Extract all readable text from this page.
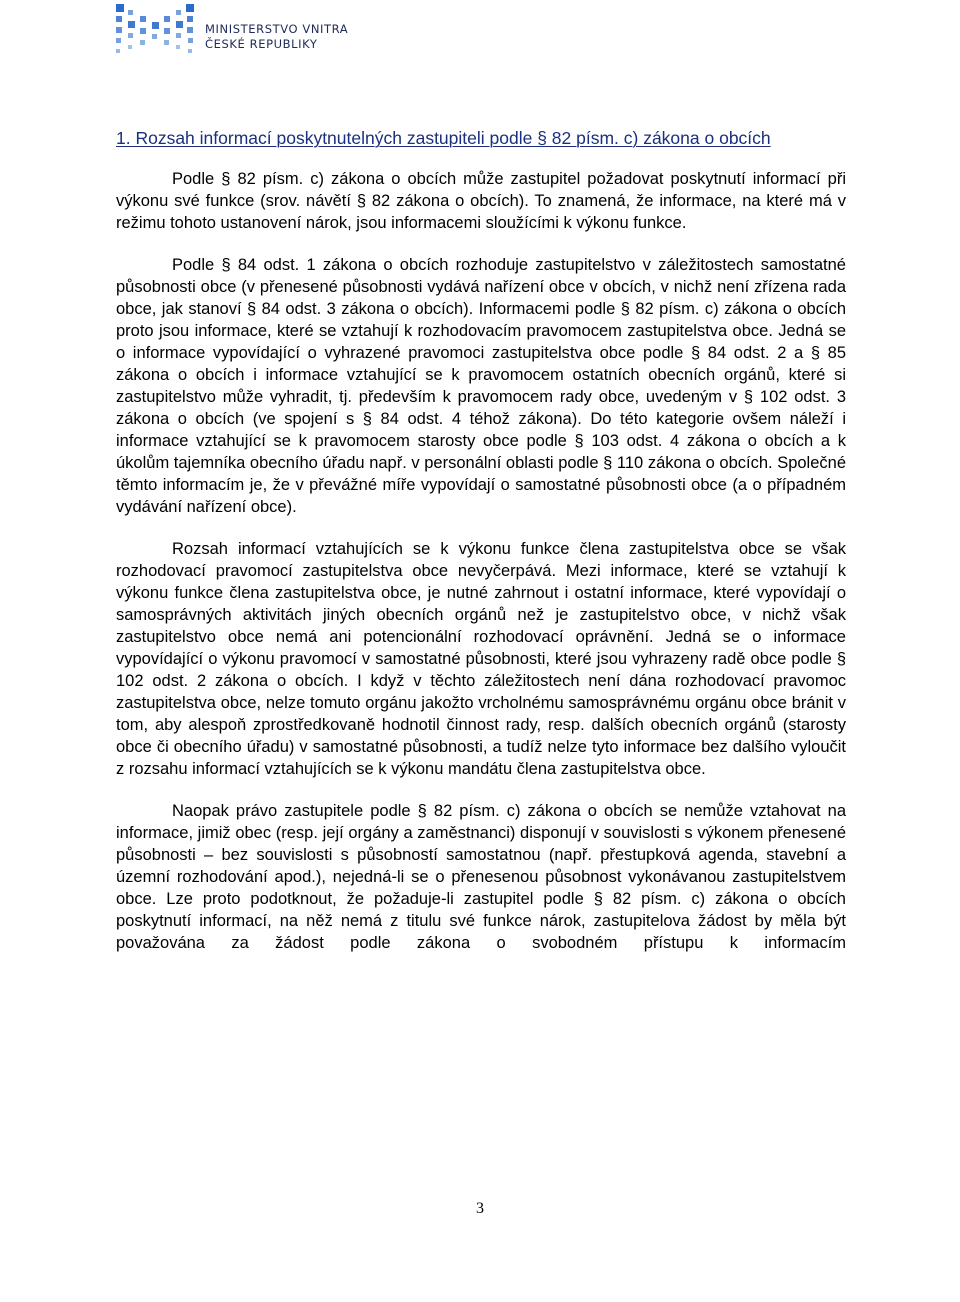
MINISTERSTVO VNITRA
ČESKÉ REPUBLIKY
1. Rozsah informací poskytnutelných zastupiteli podle § 82 písm. c) zákona o obcích

Podle § 82 písm. c) zákona o obcích může zastupitel požadovat poskytnutí informací při výkonu své funkce (srov. návětí § 82 zákona o obcích). To znamená, že informace, na které má v režimu tohoto ustanovení nárok, jsou informacemi sloužícími k výkonu funkce.

Podle § 84 odst. 1 zákona o obcích rozhoduje zastupitelstvo v záležitostech samostatné působnosti obce (v přenesené působnosti vydává nařízení obce v obcích, v nichž není zřízena rada obce, jak stanoví § 84 odst. 3 zákona o obcích). Informacemi podle § 82 písm. c) zákona o obcích proto jsou informace, které se vztahují k rozhodovacím pravomocem zastupitelstva obce. Jedná se o informace vypovídající o vyhrazené pravomoci zastupitelstva obce podle § 84 odst. 2 a § 85 zákona o obcích i informace vztahující se k pravomocem ostatních obecních orgánů, které si zastupitelstvo může vyhradit, tj. především k pravomocem rady obce, uvedeným v § 102 odst. 3 zákona o obcích (ve spojení s § 84 odst. 4 téhož zákona). Do této kategorie ovšem náleží i informace vztahující se k pravomocem starosty obce podle § 103 odst. 4 zákona o obcích a k úkolům tajemníka obecního úřadu např. v personální oblasti podle § 110 zákona o obcích. Společné těmto informacím je, že v převážné míře vypovídají o samostatné působnosti obce (a o případném vydávání nařízení obce).

Rozsah informací vztahujících se k výkonu funkce člena zastupitelstva obce se však rozhodovací pravomocí zastupitelstva obce nevyčerpává. Mezi informace, které se vztahují k výkonu funkce člena zastupitelstva obce, je nutné zahrnout i ostatní informace, které vypovídají o samosprávných aktivitách jiných obecních orgánů než je zastupitelstvo obce, v nichž však zastupitelstvo obce nemá ani potencionální rozhodovací oprávnění. Jedná se o informace vypovídající o výkonu pravomocí v samostatné působnosti, které jsou vyhrazeny radě obce podle § 102 odst. 2 zákona o obcích. I když v těchto záležitostech není dána rozhodovací pravomoc zastupitelstva obce, nelze tomuto orgánu jakožto vrcholnému samosprávnému orgánu obce bránit v tom, aby alespoň zprostředkovaně hodnotil činnost rady, resp. dalších obecních orgánů (starosty obce či obecního úřadu) v samostatné působnosti, a tudíž nelze tyto informace bez dalšího vyloučit z rozsahu informací vztahujících se k výkonu mandátu člena zastupitelstva obce.

Naopak právo zastupitele podle § 82 písm. c) zákona o obcích se nemůže vztahovat na informace, jimiž obec (resp. její orgány a zaměstnanci) disponují v souvislosti s výkonem přenesené působnosti – bez souvislosti s působností samostatnou (např. přestupková agenda, stavební a územní rozhodování apod.), nejedná-li se o přenesenou působnost vykonávanou zastupitelstvem obce. Lze proto podotknout, že požaduje-li zastupitel podle § 82 písm. c) zákona o obcích poskytnutí informací, na něž nemá z titulu své funkce nárok, zastupitelova žádost by měla být považována za žádost podle zákona o svobodném přístupu k informacím

3
